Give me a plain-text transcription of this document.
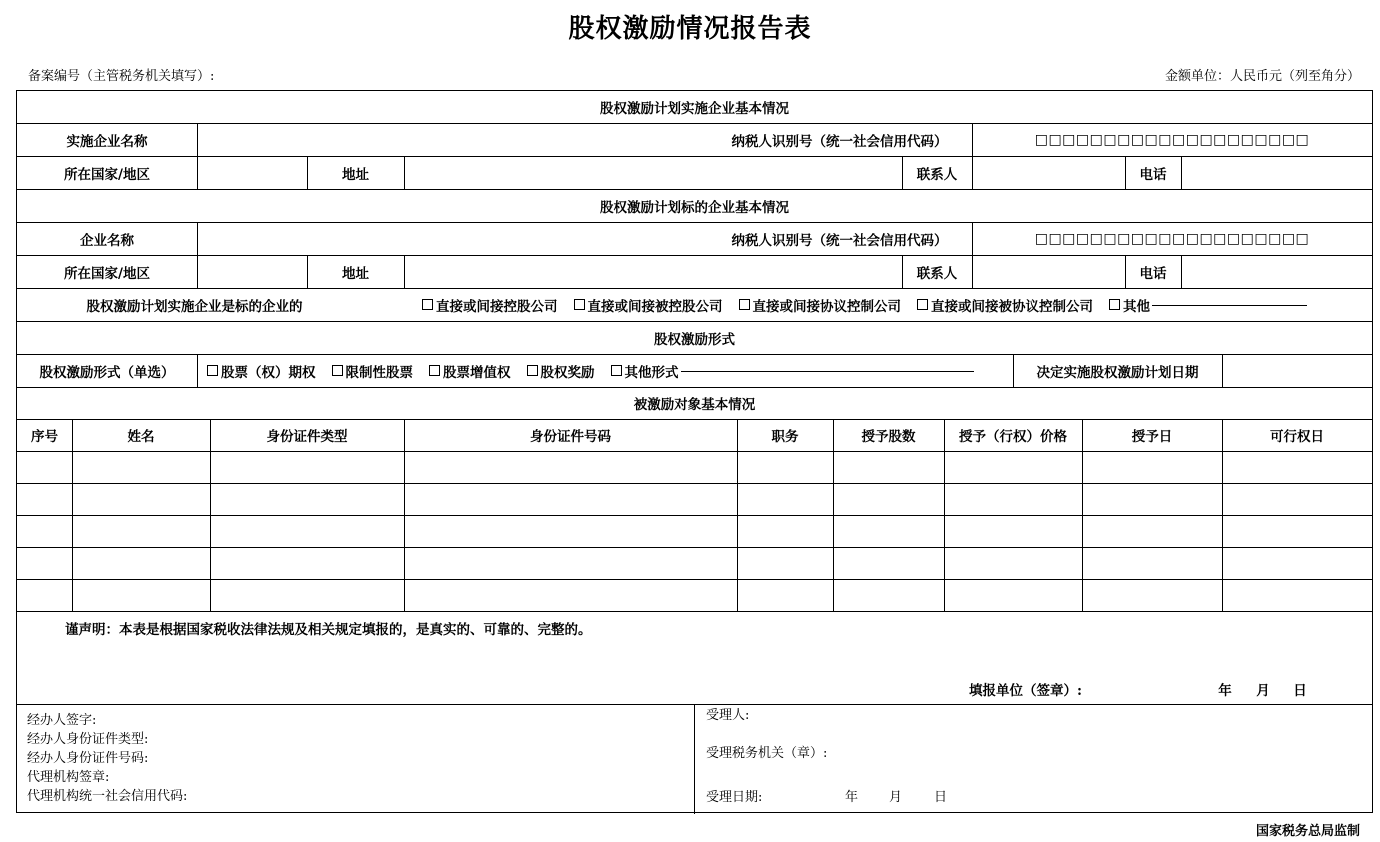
股权激励情况报告表
备案编号（主管税务机关填写）:	金额单位：人民币元（列至角分）
股权激励计划实施企业基本情况
实施企业名称	纳税人识别号（统一社会信用代码）	□□□□□□□□□□□□□□□□□□□□
所在国家/地区	地址	联系人	电话
股权激励计划标的企业基本情况
企业名称	纳税人识别号（统一社会信用代码）	□□□□□□□□□□□□□□□□□□□□
所在国家/地区	地址	联系人	电话
股权激励计划实施企业是标的企业的	直接或间接控股公司 直接或间接被控股公司 直接或间接协议控制公司 直接或间接被协议控制公司 其他
股权激励形式
股权激励形式（单选）	股票（权）期权 限制性股票 股票增值权 股权奖励 其他形式	决定实施股权激励计划日期
被激励对象基本情况
序号	姓名	身份证件类型	身份证件号码	职务	授予股数	授予（行权）价格	授予日	可行权日
谨声明：本表是根据国家税收法律法规及相关规定填报的，是真实的、可靠的、完整的。
填报单位（签章）:	年 月 日
经办人签字:
经办人身份证件类型:
经办人身份证件号码:
代理机构签章:
代理机构统一社会信用代码:
受理人:
受理税务机关（章）:
受理日期:	年 月 日
国家税务总局监制
